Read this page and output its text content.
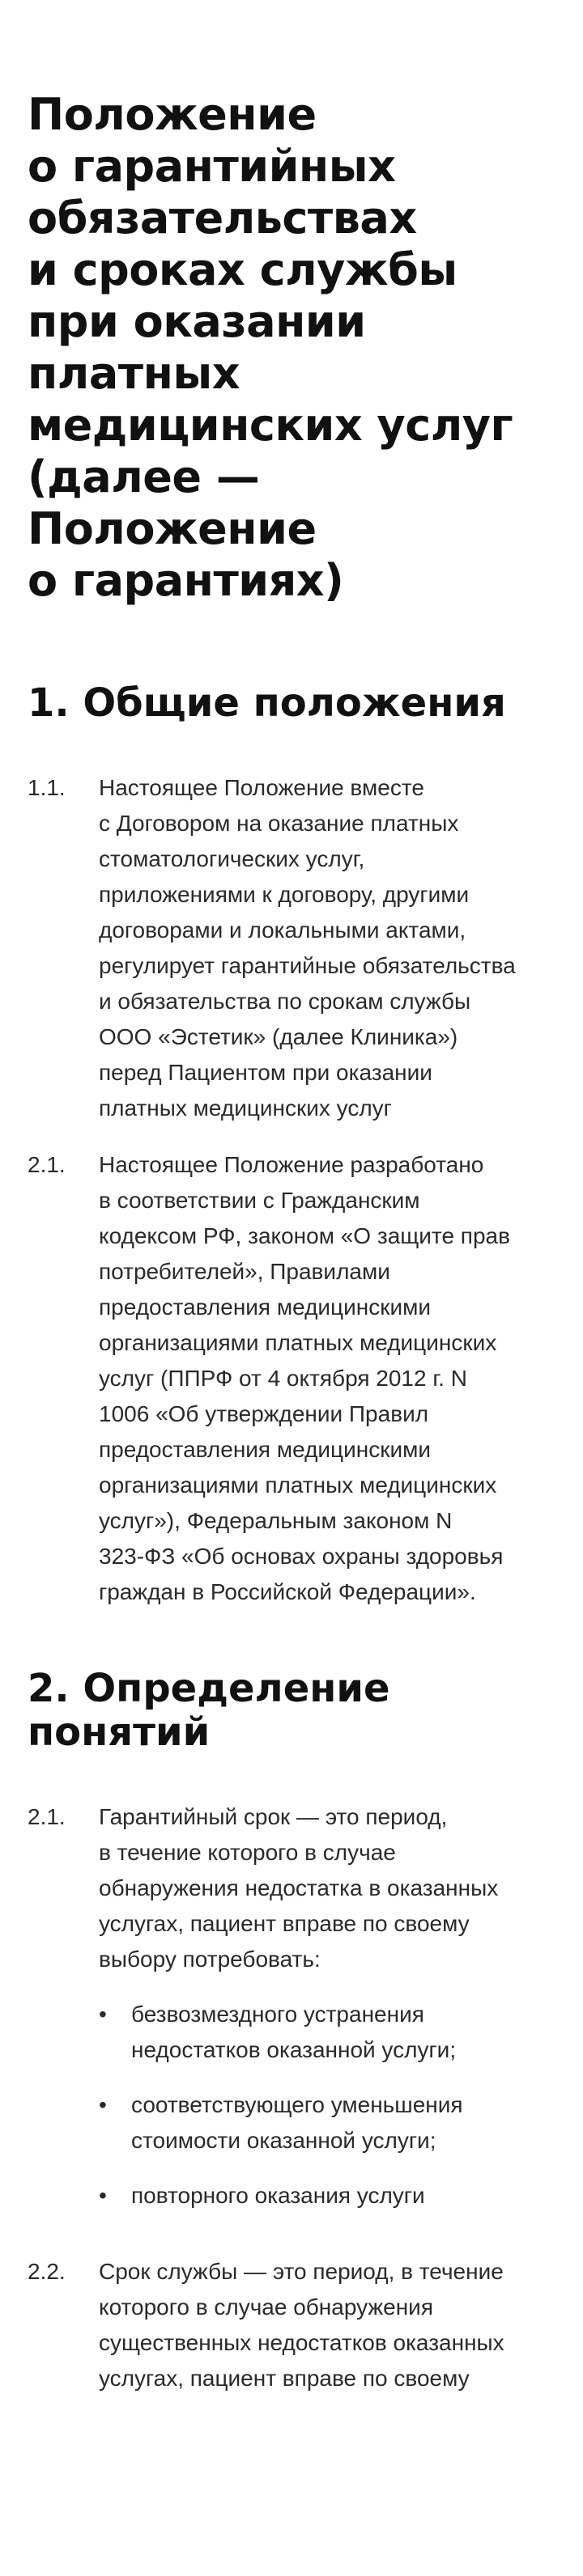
Положение
о гарантийных
обязательствах
и сроках службы
при оказании
платных
медицинских услуг
(далее —
Положение
о гарантиях)
1. Общие положения
1.1.	Настоящее Положение вместе
с Договором на оказание платных
стоматологических услуг,
приложениями к договору, другими
договорами и локальными актами,
регулирует гарантийные обязательства
и обязательства по срокам службы
ООО «Эстетик» (далее Клиника»)
перед Пациентом при оказании
платных медицинских услуг
2.1.	Настоящее Положение разработано
в соответствии с Гражданским
кодексом РФ, законом «О защите прав
потребителей», Правилами
предоставления медицинскими
организациями платных медицинских
услуг (ППРФ от 4 октября 2012 г. N
1006 «Об утверждении Правил
предоставления медицинскими
организациями платных медицинских
услуг»), Федеральным законом N
323-ФЗ «Об основах охраны здоровья
граждан в Российской Федерации».
2. Определение
понятий
2.1.	Гарантийный срок — это период,
в течение которого в случае
обнаружения недостатка в оказанных
услугах, пациент вправе по своему
выбору потребовать:
•	безвозмездного устранения
недостатков оказанной услуги;
•	соответствующего уменьшения
стоимости оказанной услуги;
•	повторного оказания услуги
2.2.	Срок службы — это период, в течение
которого в случае обнаружения
существенных недостатков оказанных
услугах, пациент вправе по своему
